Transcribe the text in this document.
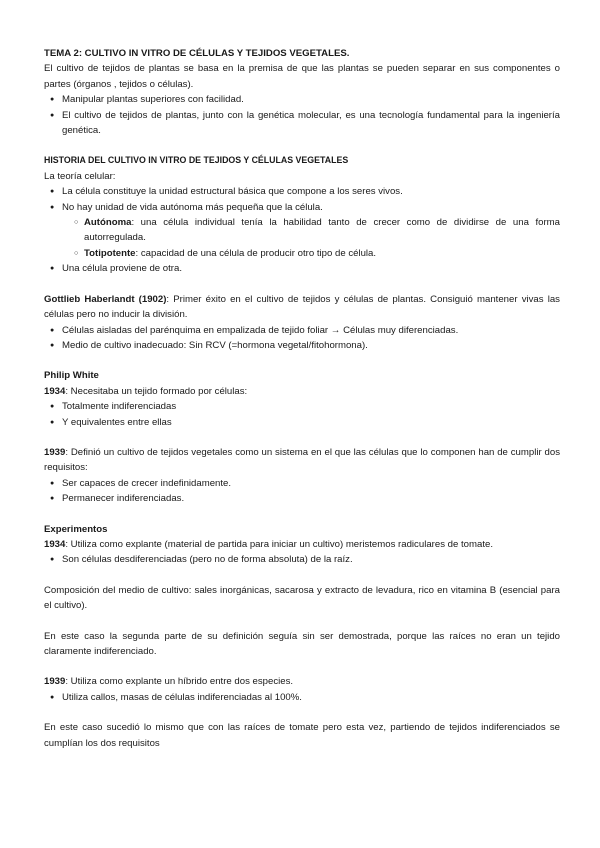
TEMA 2: CULTIVO IN VITRO DE CÉLULAS Y TEJIDOS VEGETALES.

El cultivo de tejidos de plantas se basa en la premisa de que las plantas se pueden separar en sus componentes o partes (órganos , tejidos o células).

● Manipular plantas superiores con facilidad.
● El cultivo de tejidos de plantas, junto con la genética molecular, es una tecnología fundamental para la ingeniería genética.

HISTORIA DEL CULTIVO IN VITRO DE TEJIDOS Y CÉLULAS VEGETALES

La teoría celular:

● La célula constituye la unidad estructural básica que compone a los seres vivos.
● No hay unidad de vida autónoma más pequeña que la célula.
○ Autónoma: una célula individual tenía la habilidad tanto de crecer como de dividirse de una forma autorregulada.
○ Totipotente: capacidad de una célula de producir otro tipo de célula.
● Una célula proviene de otra.

Gottlieb Haberlandt (1902): Primer éxito en el cultivo de tejidos y células de plantas. Consiguió mantener vivas las células pero no inducir la división.

● Células aisladas del parénquima en empalizada de tejido foliar → Células muy diferenciadas.
● Medio de cultivo inadecuado: Sin RCV (=hormona vegetal/fitohormona).

Philip White

1934: Necesitaba un tejido formado por células:

● Totalmente indiferenciadas
● Y equivalentes entre ellas

1939: Definió un cultivo de tejidos vegetales como un sistema en el que las células que lo componen han de cumplir dos requisitos:

● Ser capaces de crecer indefinidamente.
● Permanecer indiferenciadas.

Experimentos

1934: Utiliza como explante (material de partida para iniciar un cultivo) meristemos radiculares de tomate.

● Son células desdiferenciadas (pero no de forma absoluta) de la raíz.

Composición del medio de cultivo: sales inorgánicas, sacarosa y extracto de levadura, rico en vitamina B (esencial para el cultivo).

En este caso la segunda parte de su definición seguía sin ser demostrada, porque las raíces no eran un tejido claramente indiferenciado.

1939: Utiliza como explante un híbrido entre dos especies.

● Utiliza callos, masas de células indiferenciadas al 100%.

En este caso sucedió lo mismo que con las raíces de tomate pero esta vez, partiendo de tejidos indiferenciados se cumplían los dos requisitos
